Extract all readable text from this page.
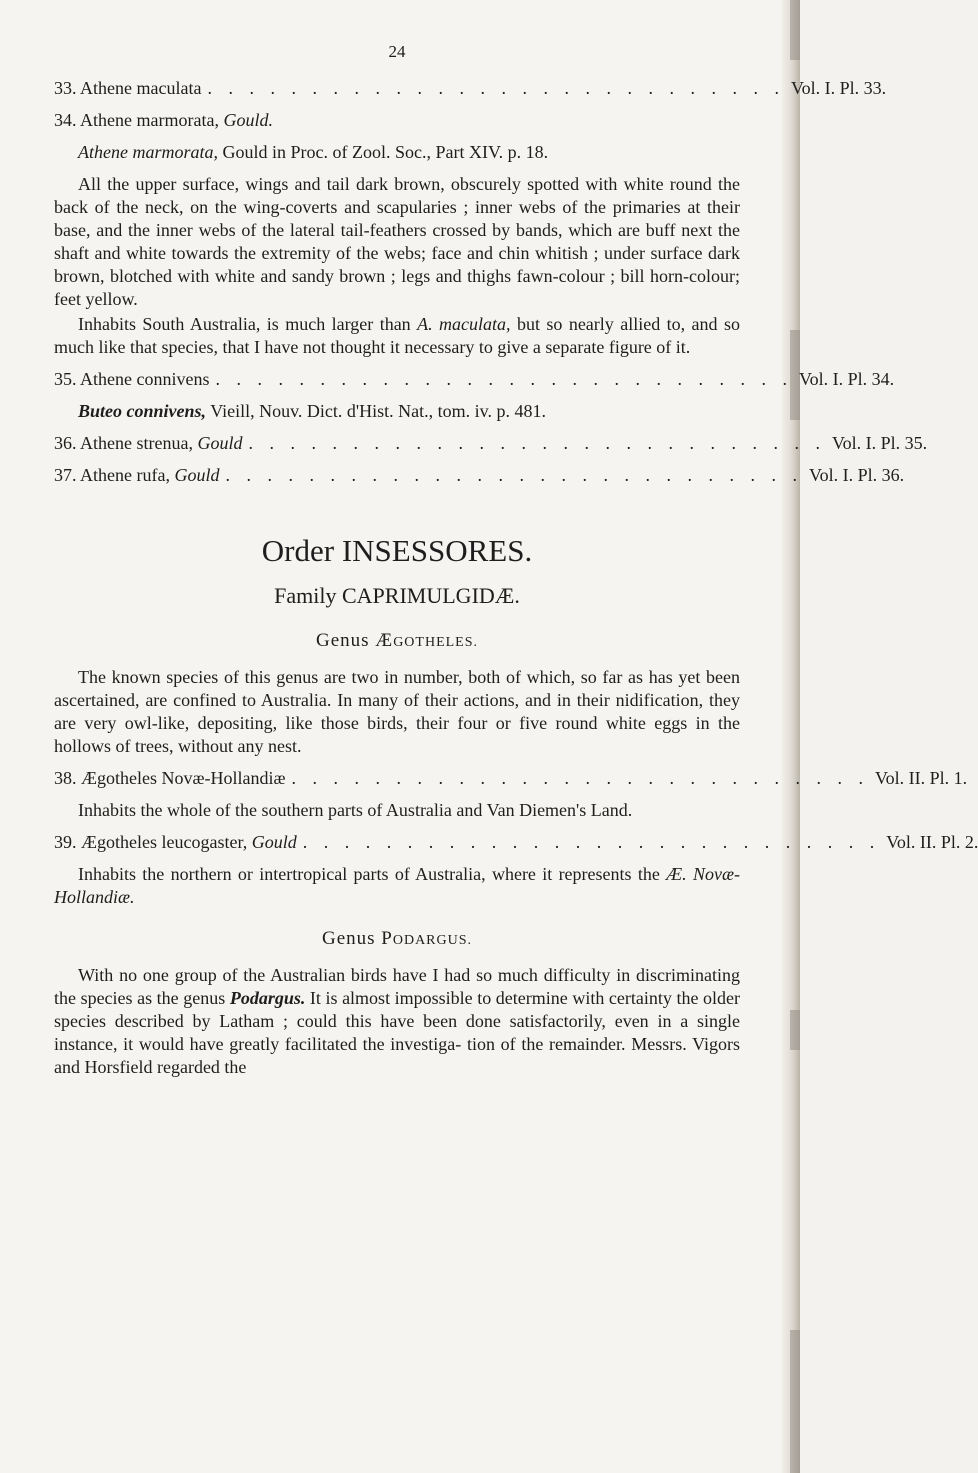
24
33. Athene maculata . . . . . . . . . . . . . . . . . . . . . . . . . . . . Vol. I. Pl. 33.
34. Athene marmorata, Gould.
Athene marmorata, Gould in Proc. of Zool. Soc., Part XIV. p. 18.

All the upper surface, wings and tail dark brown, obscurely spotted with white round the back of the neck, on the wing-coverts and scapularies ; inner webs of the primaries at their base, and the inner webs of the lateral tail-feathers crossed by bands, which are buff next the shaft and white towards the extremity of the webs; face and chin whitish ; under surface dark brown, blotched with white and sandy brown ; legs and thighs fawn-colour ; bill horn-colour; feet yellow.

Inhabits South Australia, is much larger than A. maculata, but so nearly allied to, and so much like that species, that I have not thought it necessary to give a separate figure of it.

35. Athene connivens . . . . . . . . . . . . . . . . . . . . . . . . . . . . Vol. I. Pl. 34.
Buteo connivens, Vieill, Nouv. Dict. d'Hist. Nat., tom. iv. p. 481.
36. Athene strenua, Gould . . . . . . . . . . . . . . . . . . . . . . . . . . . . Vol. I. Pl. 35.
37. Athene rufa, Gould . . . . . . . . . . . . . . . . . . . . . . . . . . . . Vol. I. Pl. 36.
Order INSESSORES.
Family CAPRIMULGIDÆ.
Genus ÆGOTHELES.

The known species of this genus are two in number, both of which, so far as has yet been ascertained, are confined to Australia. In many of their actions, and in their nidification, they are very owl-like, depositing, like those birds, their four or five round white eggs in the hollows of trees, without any nest.

38. Ægotheles Novæ-Hollandiæ . . . . . . . . . . . . . . . . . . . . . . . . . . . . Vol. II. Pl. 1.

Inhabits the whole of the southern parts of Australia and Van Diemen's Land.

39. Ægotheles leucogaster, Gould . . . . . . . . . . . . . . . . . . . . . . . . . . . . Vol. II. Pl. 2.

Inhabits the northern or intertropical parts of Australia, where it represents the Æ. Novæ-Hollandiæ.

Genus PODARGUS.

With no one group of the Australian birds have I had so much difficulty in discriminating the species as the genus Podargus. It is almost impossible to determine with certainty the older species described by Latham ; could this have been done satisfactorily, even in a single instance, it would have greatly facilitated the investiga- tion of the remainder. Messrs. Vigors and Horsfield regarded the
